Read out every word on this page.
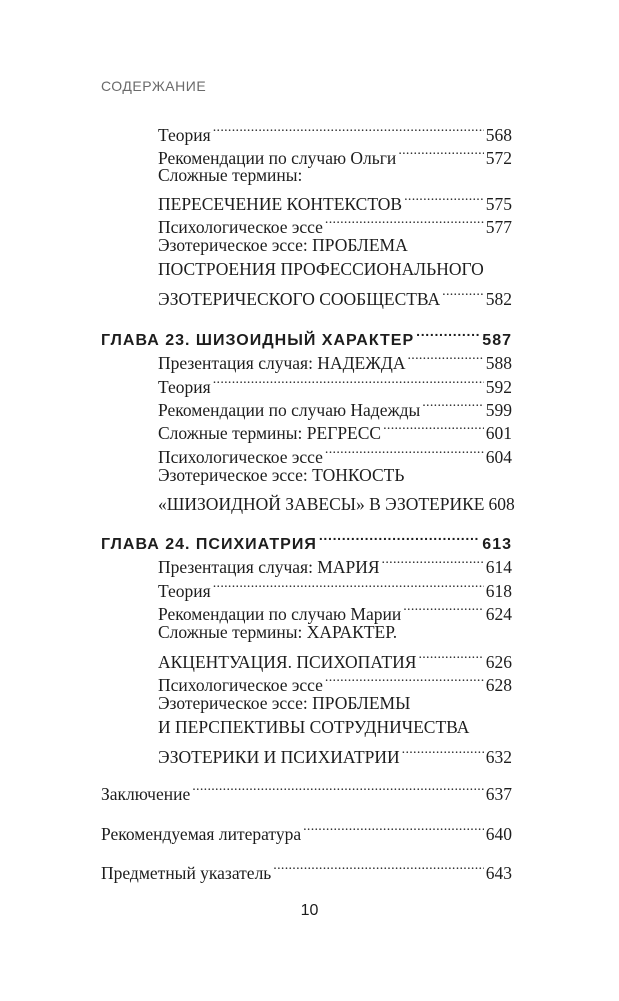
СОДЕРЖАНИЕ
Теория . . .	568
Рекомендации по случаю Ольги . . .	572
Сложные термины:
ПЕРЕСЕЧЕНИЕ КОНТЕКСТОВ . . .	575
Психологическое эссе . . .	577
Эзотерическое эссе: ПРОБЛЕМА
ПОСТРОЕНИЯ ПРОФЕССИОНАЛЬНОГО
ЭЗОТЕРИЧЕСКОГО СООБЩЕСТВА . . .	582
ГЛАВА 23. ШИЗОИДНЫЙ ХАРАКТЕР . . .	587
Презентация случая: НАДЕЖДА . . .	588
Теория . . .	592
Рекомендации по случаю Надежды . . .	599
Сложные термины: РЕГРЕСС . . .	601
Психологическое эссе . . .	604
Эзотерическое эссе: ТОНКОСТЬ
«ШИЗОИДНОЙ ЗАВЕСЫ» В ЭЗОТЕРИКЕ 608
ГЛАВА 24. ПСИХИАТРИЯ . . .	613
Презентация случая: МАРИЯ . . .	614
Теория . . .	618
Рекомендации по случаю Марии . . .	624
Сложные термины: ХАРАКТЕР.
АКЦЕНТУАЦИЯ. ПСИХОПАТИЯ . . .	626
Психологическое эссе . . .	628
Эзотерическое эссе: ПРОБЛЕМЫ
И ПЕРСПЕКТИВЫ СОТРУДНИЧЕСТВА
ЭЗОТЕРИКИ И ПСИХИАТРИИ . . .	632
Заключение . . .	637
Рекомендуемая литература . . .	640
Предметный указатель . . .	643
10
